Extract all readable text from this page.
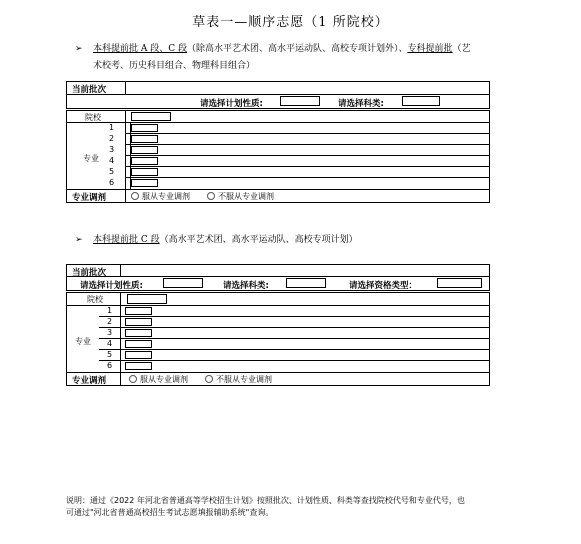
草表一—顺序志愿（1 所院校）
➢ 本科提前批 A 段、C 段（除高水平艺术团、高水平运动队、高校专项计划外）、专科提前批（艺
术校考、历史科目组合、物理科目组合）
当前批次
请选择计划性质:	请选择科类:
院校
专业
1
2
3
4
5
6
专业调剂	服从专业调剂	不服从专业调剂
➢ 本科提前批 C 段（高水平艺术团、高水平运动队、高校专项计划）
当前批次
请选择计划性质:	请选择科类:	请选择资格类型：
院校
专业
1
2
3
4
5
6
专业调剂	服从专业调剂	不服从专业调剂
说明：通过《2022 年河北省普通高等学校招生计划》按照批次、计划性质、科类等查找院校代号和专业代号，也
可通过"河北省普通高校招生考试志愿填报辅助系统"查询。
